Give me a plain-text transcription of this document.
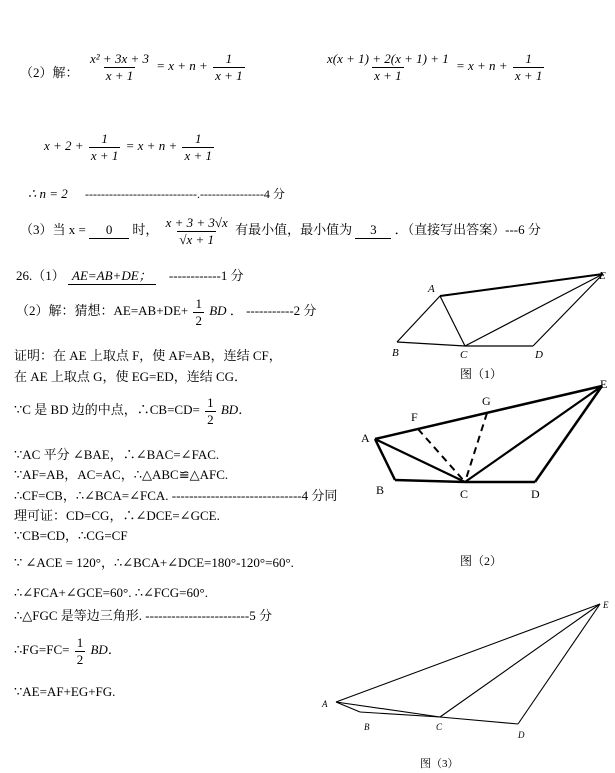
（2）解： $\frac{\text{x² + 3x + 3}}{x + 1} = x + n + \frac{1}{x + 1}$	$\frac{x(x + 1) + 2(x + 1) + 1}{x + 1} = x + n + \frac{1}{x + 1}$
$x + 2 + \frac{1}{x + 1} = x + n + \frac{1}{x + 1}$
∴ n = 2 ----------------------------.----------------4 分
（3）当 x = 0 时， $\frac{x + 3 + 3√x}{√x + 1}$ 有最小值，最小值为 3 ．（直接写出答案）---6 分
26.（1） AE=AB+DE； ------------1 分
（2）解：猜想：$AE=AB+DE+ \frac{1}{2}$ BD ． -----------2 分
证明：在 AE 上取点 F，使 AF=AB，连结 CF，
在 AE 上取点 G，使 EG=ED，连结 CG．
∵C 是 BD 边的中点，∴CB=CD= $\frac{1}{2}$ BD．
∵AC 平分 ∠BAE，∴∠BAC=∠FAC.
∵AF=AB，AC=AC，∴△ABC≌△AFC.
∴CF=CB，∴∠BCA=∠FCA. ------------------------------4 分同
理可证：CD=CG，∴∠DCE=∠GCE.
∵CB=CD，∴CG=CF
∵ ∠ACE = 120°，∴∠BCA+∠DCE=180°-120°=60°.
∴∠FCA+∠GCE=60°. ∴∠FCG=60°.
∴△FGC 是等边三角形. ------------------------5 分
∴FG=FC= $\frac{1}{2}$ BD．
∵AE=AF+EG+FG.
A
E
B	C	D
图（1）
A
F
G
E
B	C	D
图（2）
A
B	C
D
E
图（3）
